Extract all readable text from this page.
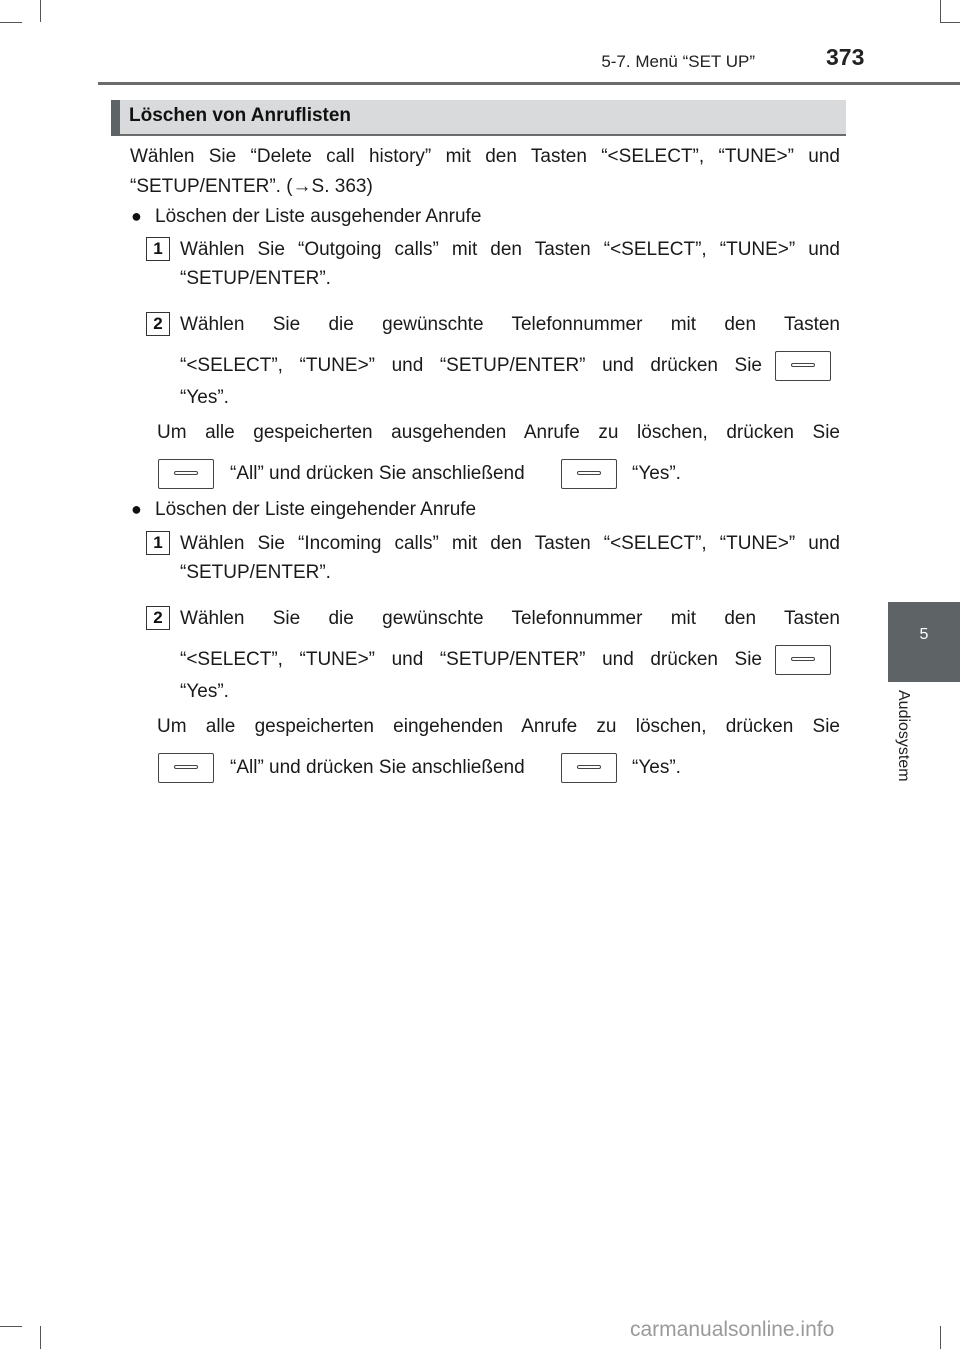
5-7. Menü “SET UP”	373
5
Audiosystem
Löschen von Anruflisten
Wählen Sie “Delete call history” mit den Tasten “<SELECT”, “TUNE>” und
“SETUP/ENTER”. (→S. 363)
● Löschen der Liste ausgehender Anrufe
1 Wählen Sie “Outgoing calls” mit den Tasten “<SELECT”, “TUNE>” und
“SETUP/ENTER”.
2 Wählen Sie die gewünschte Telefonnummer mit den Tasten
“<SELECT”, “TUNE>” und “SETUP/ENTER” und drücken Sie
“Yes”.
Um alle gespeicherten ausgehenden Anrufe zu löschen, drücken Sie
“All” und drücken Sie anschließend	“Yes”.
● Löschen der Liste eingehender Anrufe
1 Wählen Sie “Incoming calls” mit den Tasten “<SELECT”, “TUNE>” und
“SETUP/ENTER”.
2 Wählen Sie die gewünschte Telefonnummer mit den Tasten
“<SELECT”, “TUNE>” und “SETUP/ENTER” und drücken Sie
“Yes”.
Um alle gespeicherten eingehenden Anrufe zu löschen, drücken Sie
“All” und drücken Sie anschließend	“Yes”.
carmanualsonline.info
